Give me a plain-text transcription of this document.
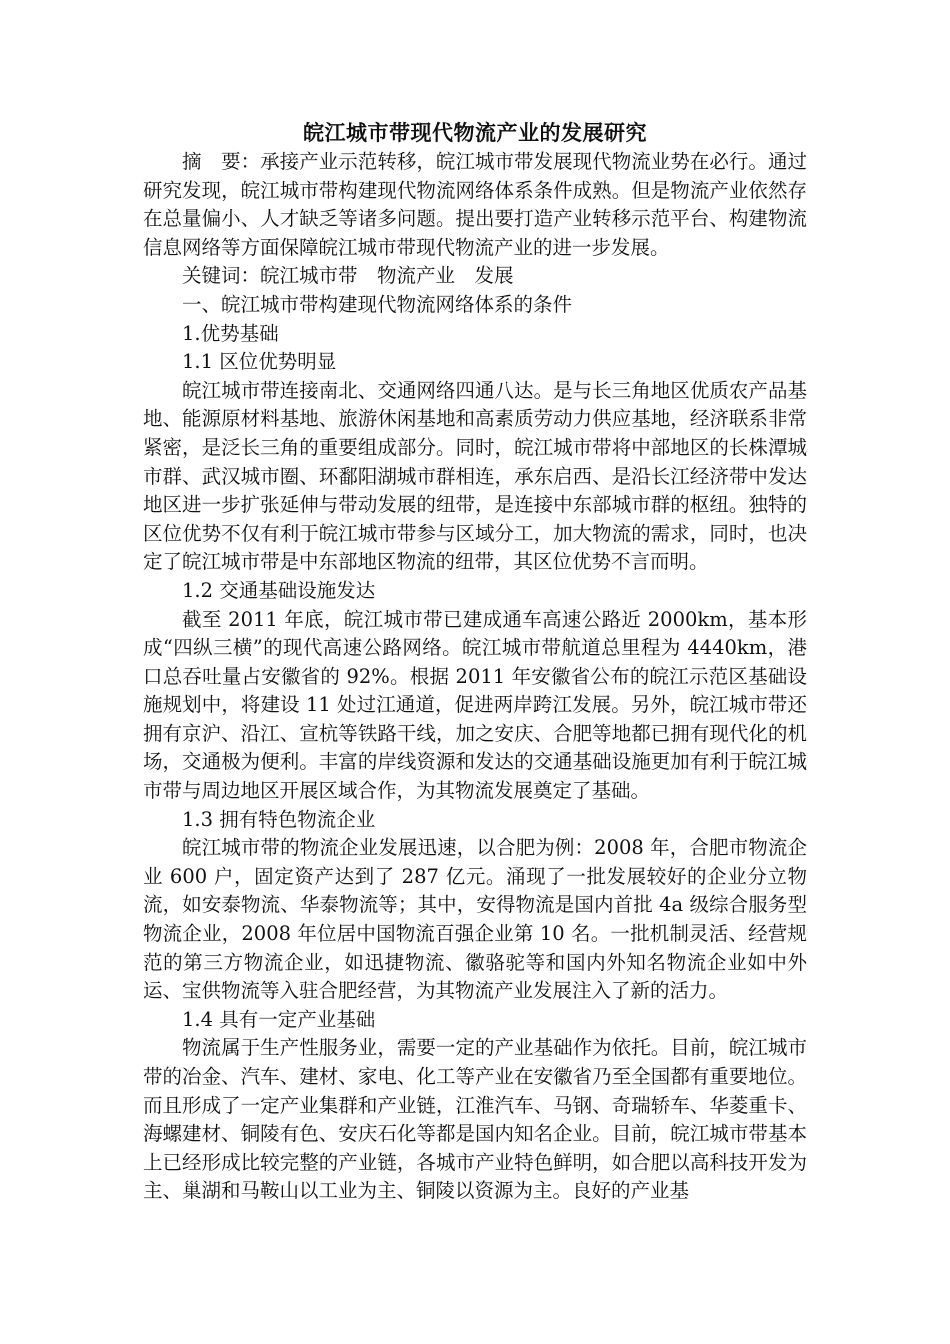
皖江城市带现代物流产业的发展研究

摘　要：承接产业示范转移，皖江城市带发展现代物流业势在必行。通过研究发现，皖江城市带构建现代物流网络体系条件成熟。但是物流产业依然存在总量偏小、人才缺乏等诸多问题。提出要打造产业转移示范平台、构建物流信息网络等方面保障皖江城市带现代物流产业的进一步发展。

关键词：皖江城市带　物流产业　发展

一、皖江城市带构建现代物流网络体系的条件

1.优势基础

1.1 区位优势明显

皖江城市带连接南北、交通网络四通八达。是与长三角地区优质农产品基地、能源原材料基地、旅游休闲基地和高素质劳动力供应基地，经济联系非常紧密，是泛长三角的重要组成部分。同时，皖江城市带将中部地区的长株潭城市群、武汉城市圈、环鄱阳湖城市群相连，承东启西、是沿长江经济带中发达地区进一步扩张延伸与带动发展的纽带，是连接中东部城市群的枢纽。独特的区位优势不仅有利于皖江城市带参与区域分工，加大物流的需求，同时，也决定了皖江城市带是中东部地区物流的纽带，其区位优势不言而明。

1.2 交通基础设施发达

截至 2011 年底，皖江城市带已建成通车高速公路近 2000km，基本形成“四纵三横”的现代高速公路网络。皖江城市带航道总里程为 4440km，港口总吞吐量占安徽省的 92%。根据 2011 年安徽省公布的皖江示范区基础设施规划中，将建设 11 处过江通道，促进两岸跨江发展。另外，皖江城市带还拥有京沪、沿江、宣杭等铁路干线，加之安庆、合肥等地都已拥有现代化的机场，交通极为便利。丰富的岸线资源和发达的交通基础设施更加有利于皖江城市带与周边地区开展区域合作，为其物流发展奠定了基础。

1.3 拥有特色物流企业

皖江城市带的物流企业发展迅速，以合肥为例：2008 年，合肥市物流企业 600 户，固定资产达到了 287 亿元。涌现了一批发展较好的企业分立物流，如安泰物流、华泰物流等；其中，安得物流是国内首批 4a 级综合服务型物流企业，2008 年位居中国物流百强企业第 10 名。一批机制灵活、经营规范的第三方物流企业，如迅捷物流、徽骆驼等和国内外知名物流企业如中外运、宝供物流等入驻合肥经营，为其物流产业发展注入了新的活力。

1.4 具有一定产业基础

物流属于生产性服务业，需要一定的产业基础作为依托。目前，皖江城市带的冶金、汽车、建材、家电、化工等产业在安徽省乃至全国都有重要地位。而且形成了一定产业集群和产业链，江淮汽车、马钢、奇瑞轿车、华菱重卡、海螺建材、铜陵有色、安庆石化等都是国内知名企业。目前，皖江城市带基本上已经形成比较完整的产业链，各城市产业特色鲜明，如合肥以高科技开发为主、巢湖和马鞍山以工业为主、铜陵以资源为主。良好的产业基
